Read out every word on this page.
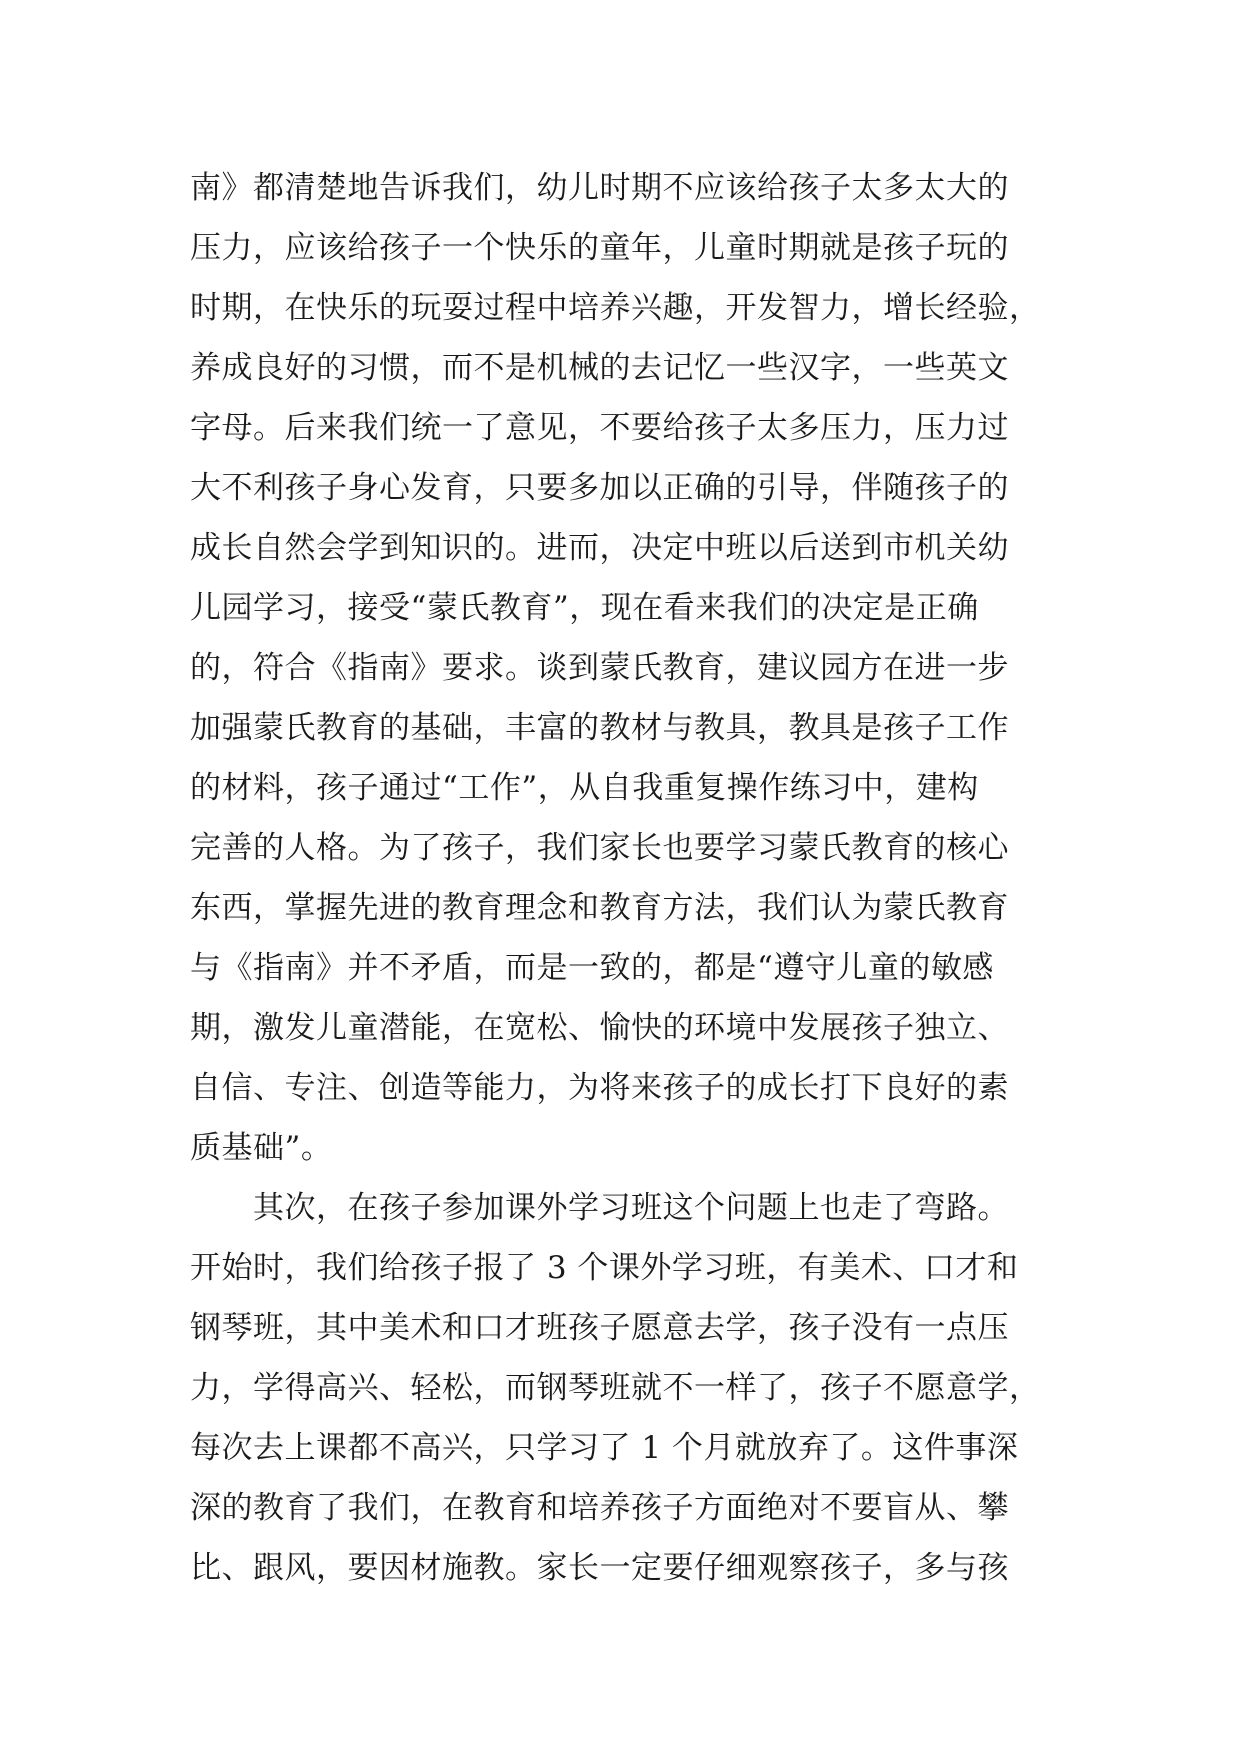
南》都清楚地告诉我们，幼儿时期不应该给孩子太多太大的
压力，应该给孩子一个快乐的童年，儿童时期就是孩子玩的
时期，在快乐的玩耍过程中培养兴趣，开发智力，增长经验，
养成良好的习惯，而不是机械的去记忆一些汉字，一些英文
字母。后来我们统一了意见，不要给孩子太多压力，压力过
大不利孩子身心发育，只要多加以正确的引导，伴随孩子的
成长自然会学到知识的。进而，决定中班以后送到市机关幼
儿园学习，接受“蒙氏教育”，现在看来我们的决定是正确
的，符合《指南》要求。谈到蒙氏教育，建议园方在进一步
加强蒙氏教育的基础，丰富的教材与教具，教具是孩子工作
的材料，孩子通过“工作”，从自我重复操作练习中，建构
完善的人格。为了孩子，我们家长也要学习蒙氏教育的核心
东西，掌握先进的教育理念和教育方法，我们认为蒙氏教育
与《指南》并不矛盾，而是一致的，都是“遵守儿童的敏感
期，激发儿童潜能，在宽松、愉快的环境中发展孩子独立、
自信、专注、创造等能力，为将来孩子的成长打下良好的素
质基础”。
　　其次，在孩子参加课外学习班这个问题上也走了弯路。
开始时，我们给孩子报了 3 个课外学习班，有美术、口才和
钢琴班，其中美术和口才班孩子愿意去学，孩子没有一点压
力，学得高兴、轻松，而钢琴班就不一样了，孩子不愿意学，
每次去上课都不高兴，只学习了 1 个月就放弃了。这件事深
深的教育了我们，在教育和培养孩子方面绝对不要盲从、攀
比、跟风，要因材施教。家长一定要仔细观察孩子，多与孩
